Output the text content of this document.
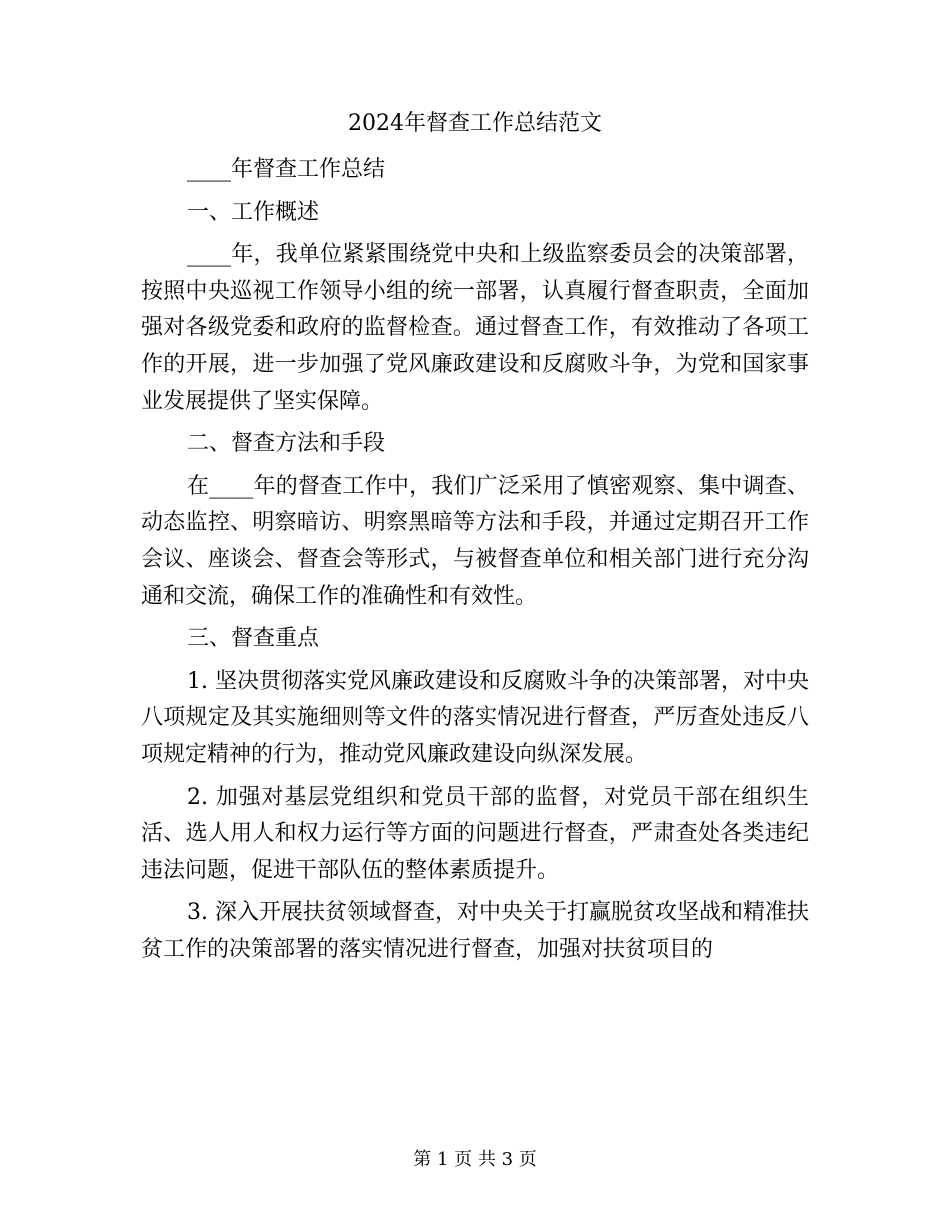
2024年督查工作总结范文

____年督查工作总结

一、工作概述

____年，我单位紧紧围绕党中央和上级监察委员会的决策部署，按照中央巡视工作领导小组的统一部署，认真履行督查职责，全面加强对各级党委和政府的监督检查。通过督查工作，有效推动了各项工作的开展，进一步加强了党风廉政建设和反腐败斗争，为党和国家事业发展提供了坚实保障。

二、督查方法和手段

在____年的督查工作中，我们广泛采用了慎密观察、集中调查、动态监控、明察暗访、明察黑暗等方法和手段，并通过定期召开工作会议、座谈会、督查会等形式，与被督查单位和相关部门进行充分沟通和交流，确保工作的准确性和有效性。

三、督查重点

1. 坚决贯彻落实党风廉政建设和反腐败斗争的决策部署，对中央八项规定及其实施细则等文件的落实情况进行督查，严厉查处违反八项规定精神的行为，推动党风廉政建设向纵深发展。

2. 加强对基层党组织和党员干部的监督，对党员干部在组织生活、选人用人和权力运行等方面的问题进行督查，严肃查处各类违纪违法问题，促进干部队伍的整体素质提升。

3. 深入开展扶贫领域督查，对中央关于打赢脱贫攻坚战和精准扶贫工作的决策部署的落实情况进行督查，加强对扶贫项目的

第 1 页 共 3 页
